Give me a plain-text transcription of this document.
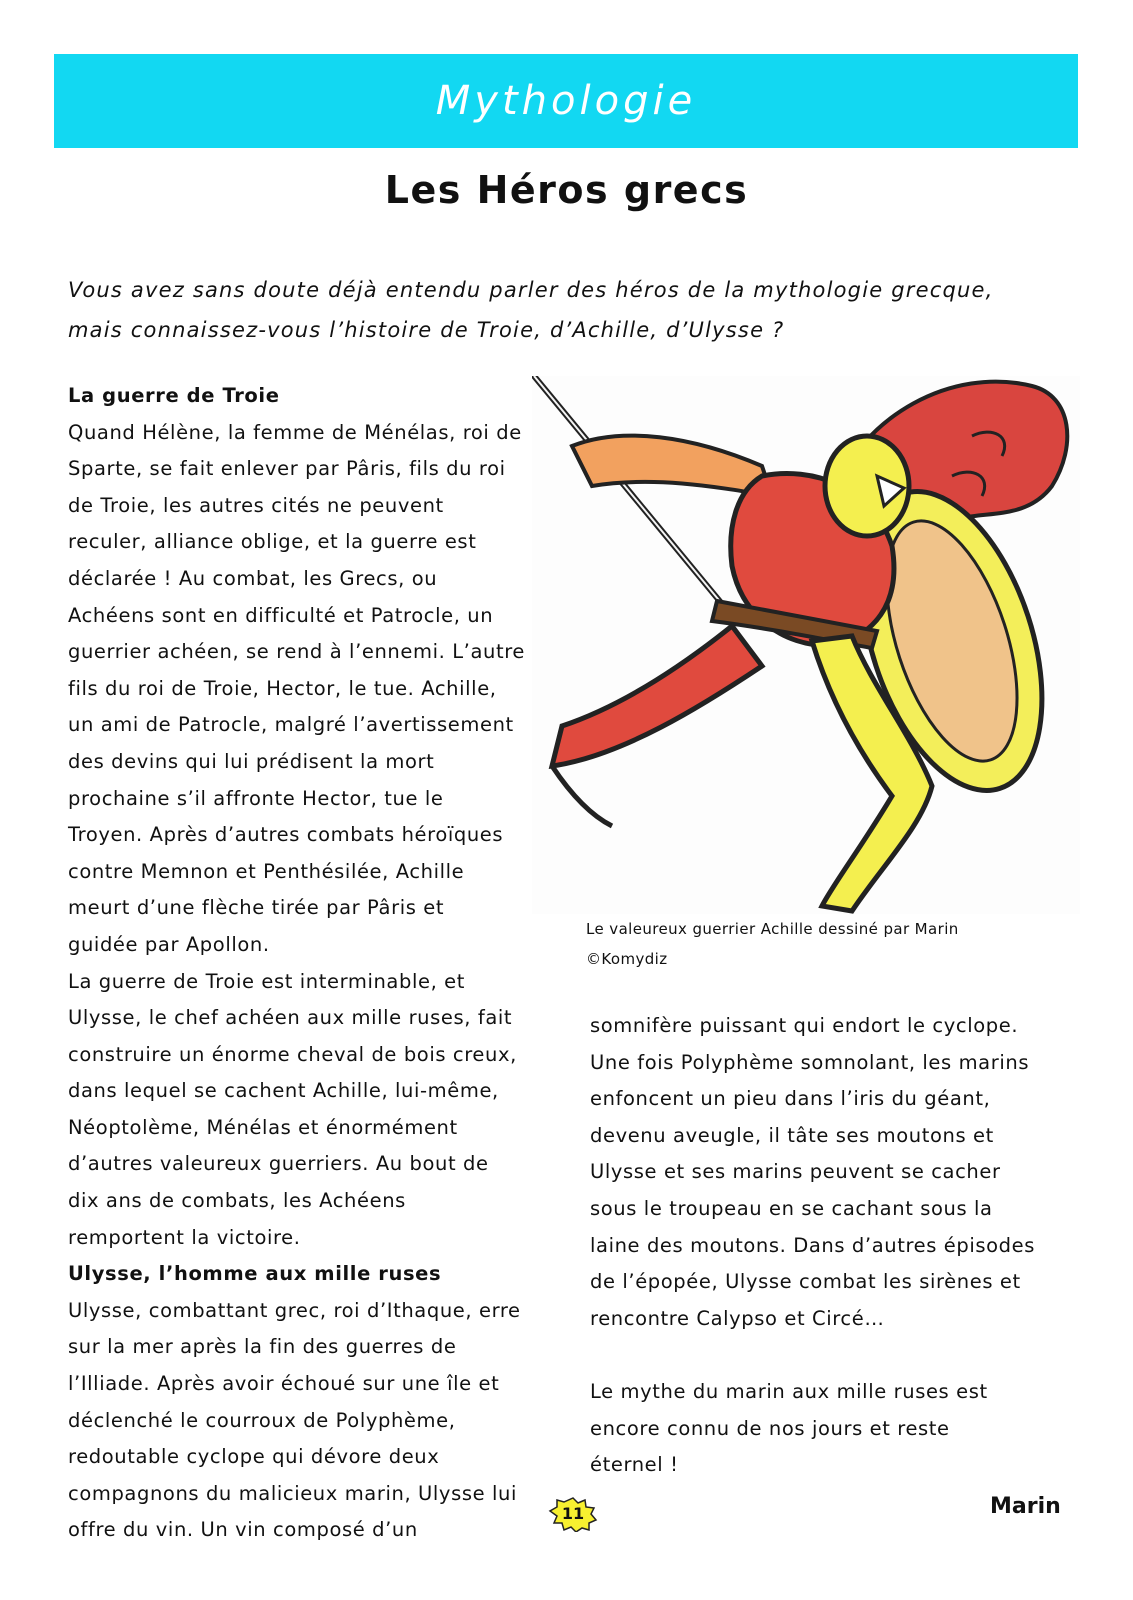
Mythologie
Les Héros grecs

Vous avez sans doute déjà entendu parler des héros de la mythologie grecque,

mais connaissez-vous l’histoire de Troie, d’Achille, d’Ulysse ?

La guerre de Troie

Quand Hélène, la femme de Ménélas, roi de

Sparte, se fait enlever par Pâris, fils du roi

de Troie, les autres cités ne peuvent

reculer, alliance oblige, et la guerre est

déclarée ! Au combat, les Grecs, ou

Achéens sont en difficulté et Patrocle, un

guerrier achéen, se rend à l’ennemi. L’autre

fils du roi de Troie, Hector, le tue. Achille,

un ami de Patrocle, malgré l’avertissement

des devins qui lui prédisent la mort

prochaine s’il affronte Hector, tue le

Troyen. Après d’autres combats héroïques

contre Memnon et Penthésilée, Achille

meurt d’une flèche tirée par Pâris et

guidée par Apollon.

La guerre de Troie est interminable, et

Ulysse, le chef achéen aux mille ruses, fait

construire un énorme cheval de bois creux,

dans lequel se cachent Achille, lui-même,

Néoptolème, Ménélas et énormément

d’autres valeureux guerriers. Au bout de

dix ans de combats, les Achéens

remportent la victoire.

Ulysse, l’homme aux mille ruses

Ulysse, combattant grec, roi d’Ithaque, erre

sur la mer après la fin des guerres de

l’Illiade. Après avoir échoué sur une île et

déclenché le courroux de Polyphème,

redoutable cyclope qui dévore deux

compagnons du malicieux marin, Ulysse lui

offre du vin. Un vin composé d’un

Le valeureux guerrier Achille dessiné par Marin
©Komydiz

somnifère puissant qui endort le cyclope.

Une fois Polyphème somnolant, les marins

enfoncent un pieu dans l’iris du géant,

devenu aveugle, il tâte ses moutons et

Ulysse et ses marins peuvent se cacher

sous le troupeau en se cachant sous la

laine des moutons. Dans d’autres épisodes

de l’épopée, Ulysse combat les sirènes et

rencontre Calypso et Circé…

Le mythe du marin aux mille ruses est

encore connu de nos jours et reste

éternel !

11	Marin
